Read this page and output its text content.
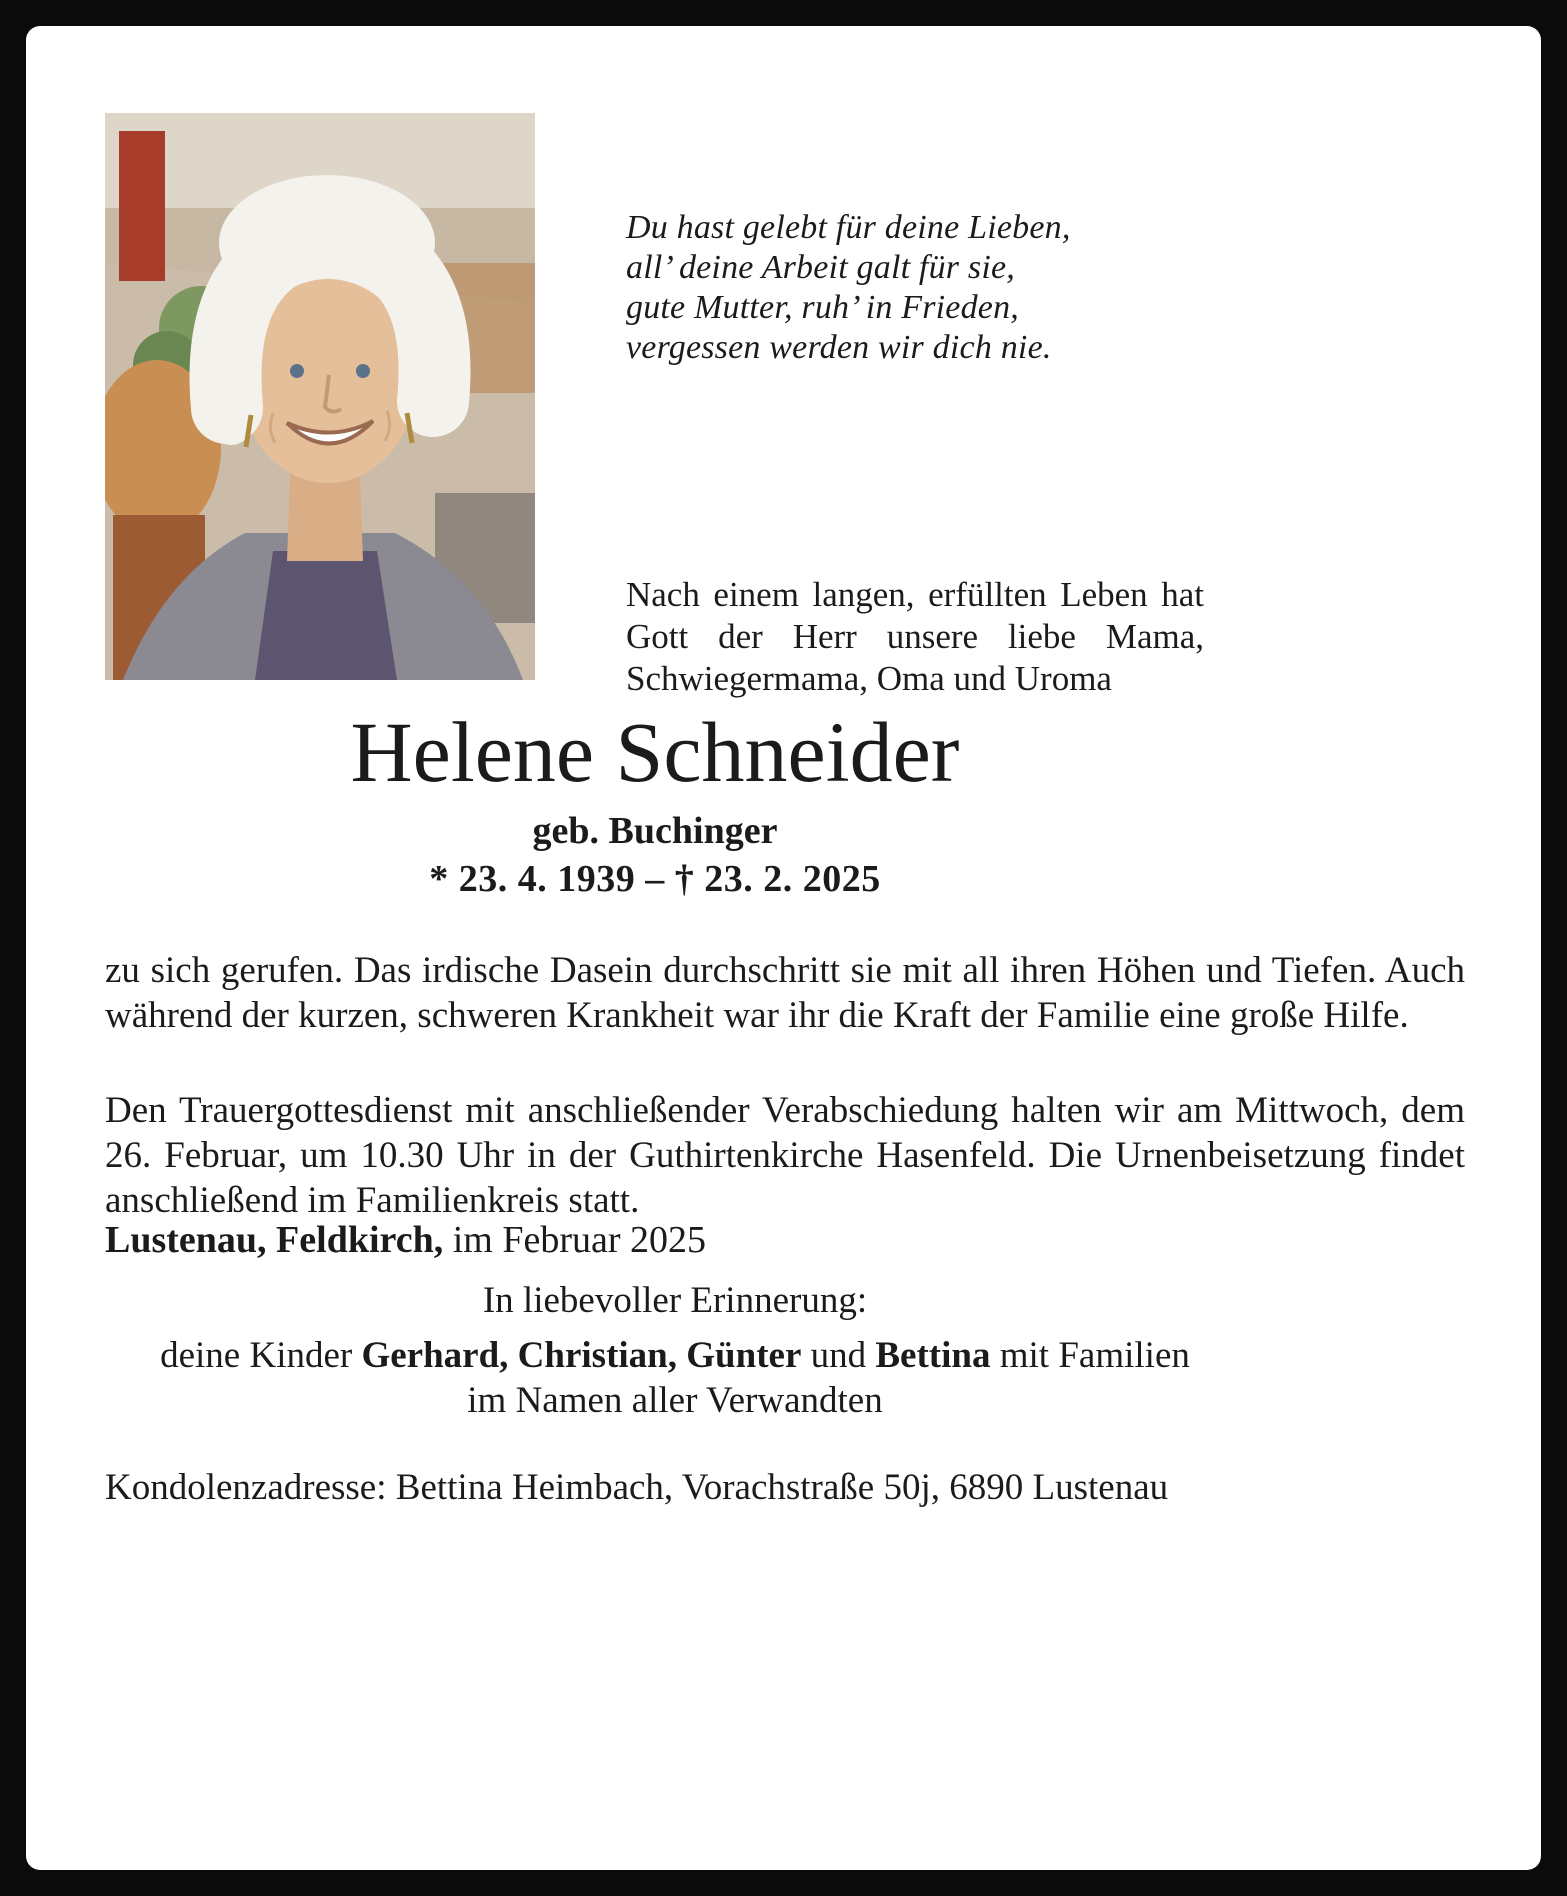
Du hast gelebt für deine Lieben,
all’ deine Arbeit galt für sie,
gute Mutter, ruh’ in Frieden,
vergessen werden wir dich nie.
Nach einem langen, erfüllten Leben hat Gott der Herr unsere liebe Mama, Schwiegermama, Oma und Uroma
Helene Schneider
geb. Buchinger
* 23. 4. 1939 – † 23. 2. 2025

zu sich gerufen. Das irdische Dasein durchschritt sie mit all ihren Höhen und Tiefen. Auch während der kurzen, schweren Krankheit war ihr die Kraft der Familie eine große Hilfe.

Den Trauergottesdienst mit anschließender Verabschiedung halten wir am Mittwoch, dem 26. Februar, um 10.30 Uhr in der Guthirtenkirche Hasenfeld. Die Urnenbeisetzung findet anschließend im Familienkreis statt.

Lustenau, Feldkirch, im Februar 2025

In liebevoller Erinnerung:
deine Kinder Gerhard, Christian, Günter und Bettina mit Familien
im Namen aller Verwandten

Kondolenzadresse: Bettina Heimbach, Vorachstraße 50j, 6890 Lustenau
